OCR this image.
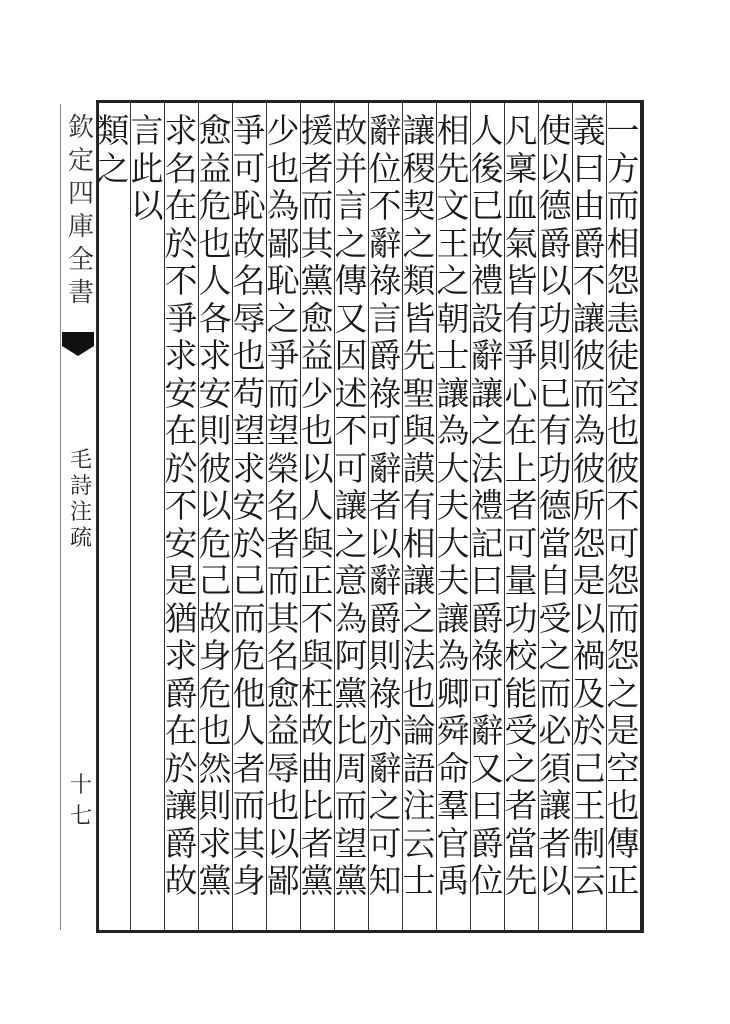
欽
定
四
庫
全
書
毛
詩
注
疏
十七
一
方
而
相
怨
恚
徒
空
也
彼
不
可
怨
而
怨
之
是
空
也
傳
正
義
曰
由
爵
不
讓
彼
而
為
彼
所
怨
是
以
禍
及
於
己
王
制
云
使
以
德
爵
以
功
則
已
有
功
德
當
自
受
之
而
必
須
讓
者
以
凡
稟
血
氣
皆
有
爭
心
在
上
者
可
量
功
校
能
受
之
者
當
先
人
後
已
故
禮
設
辭
讓
之
法
禮
記
曰
爵
祿
可
辭
又
曰
爵
位
相
先
文
王
之
朝
士
讓
為
大
夫
大
夫
讓
為
卿
舜
命
羣
官
禹
讓
稷
契
之
類
皆
先
聖
與
謨
有
相
讓
之
法
也
論
語
注
云
士
辭
位
不
辭
祿
言
爵
祿
可
辭
者
以
辭
爵
則
祿
亦
辭
之
可
知
故
并
言
之
傳
又
因
述
不
可
讓
之
意
為
阿
黨
比
周
而
望
黨
援
者
而
其
黨
愈
益
少
也
以
人
與
正
不
與
枉
故
曲
比
者
黨
少
也
為
鄙
恥
之
爭
而
望
榮
名
者
而
其
名
愈
益
辱
也
以
鄙
爭
可
恥
故
名
辱
也
苟
望
求
安
於
己
而
危
他
人
者
而
其
身
愈
益
危
也
人
各
求
安
則
彼
以
危
己
故
身
危
也
然
則
求
黨
求
名
在
於
不
爭
求
安
在
於
不
安
是
猶
求
爵
在
於
讓
爵
故
言
此
以
類
之
